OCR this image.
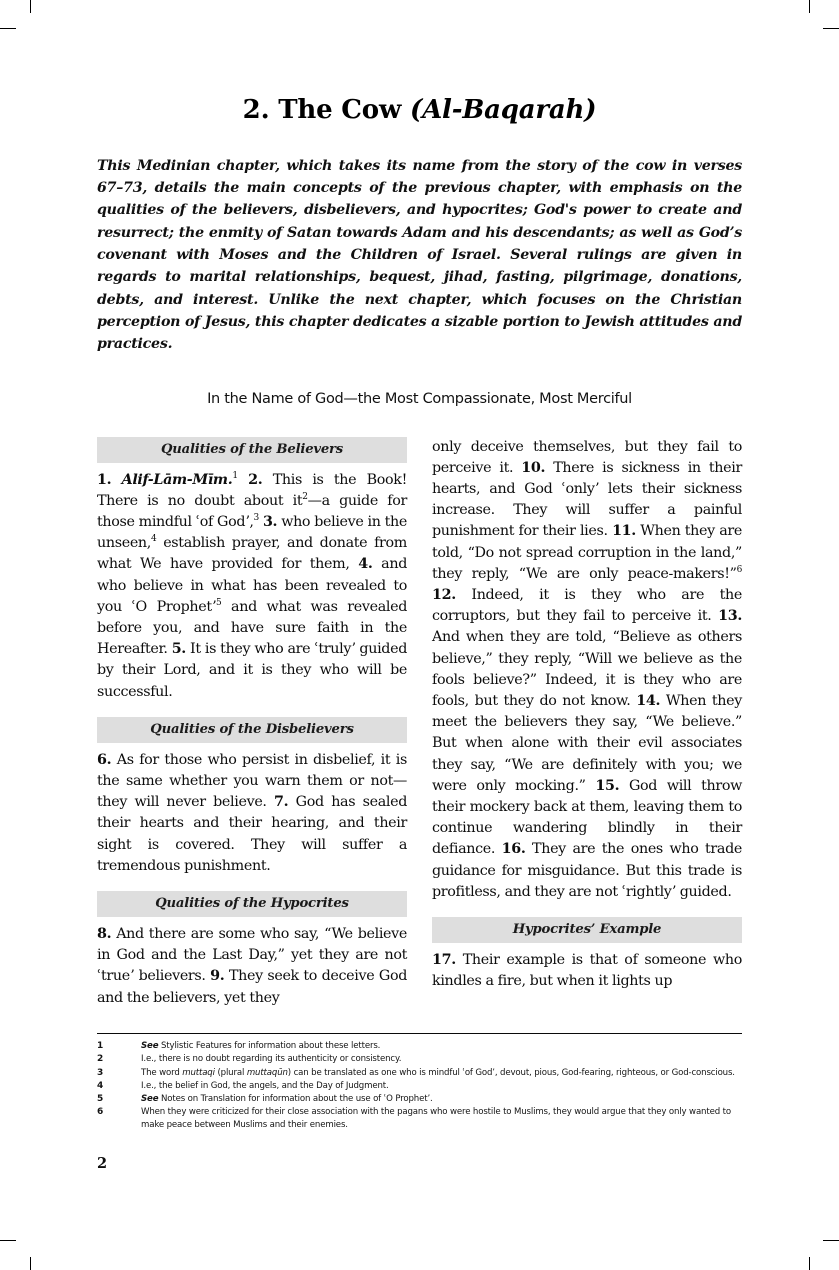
2. The Cow (Al-Baqarah)

This Medinian chapter, which takes its name from the story of the cow in verses 67–73, details the main concepts of the previous chapter, with emphasis on the qualities of the believers, disbelievers, and hypocrites; God's power to create and resurrect; the enmity of Satan towards Adam and his descendants; as well as God’s covenant with Moses and the Children of Israel. Several rulings are given in regards to marital relationships, bequest, jihad, fasting, pilgrimage, donations, debts, and interest. Unlike the next chapter, which focuses on the Christian perception of Jesus, this chapter dedicates a sizable portion to Jewish attitudes and practices.

In the Name of God—the Most Compassionate, Most Merciful

Qualities of the Believers

1. Alif-Lām-Mīm.$^1$ 2. This is the Book! There is no doubt about $it^2—a$ guide for those mindful ʿof Godʼ,$^3$ 3. who believe in the unseen,$^4$ establish prayer, and donate from what We have provided for them, 4. and who believe in what has been revealed to you ʿO Prophetʼ$^5$ and what was revealed before you, and have sure faith in the Hereafter. 5. It is they who are ʿtrulyʼ guided by their Lord, and it is they who will be successful.

Qualities of the Disbelievers

6. As for those who persist in disbelief, it is the same whether you warn them or not—they will never believe. 7. God has sealed their hearts and their hearing, and their sight is covered. They will suffer a tremendous punishment.

Qualities of the Hypocrites

8. And there are some who say, “We believe in God and the Last Day,” yet they are not ʿtrueʼ believers. 9. They seek to deceive God and the believers, yet they

only deceive themselves, but they fail to perceive it. 10. There is sickness in their hearts, and God ʿonlyʼ lets their sickness increase. They will suffer a painful punishment for their lies. 11. When they are told, “Do not spread corruption in the land,” they reply, “We are only peace-makers!”$^6$ 12. Indeed, it is they who are the corruptors, but they fail to perceive it. 13. And when they are told, “Believe as others believe,” they reply, “Will we believe as the fools believe?” Indeed, it is they who are fools, but they do not know. 14. When they meet the believers they say, “We believe.” But when alone with their evil associates they say, “We are definitely with you; we were only mocking.” 15. God will throw their mockery back at them, leaving them to continue wandering blindly in their defiance. 16. They are the ones who trade guidance for misguidance. But this trade is profitless, and they are not ʿrightlyʼ guided.

Hypocrites’ Example

17. Their example is that of someone who kindles a fire, but when it lights up

1	See Stylistic Features for information about these letters.
2	I.e., there is no doubt regarding its authenticity or consistency.
3	The word muttaqi (plural muttaqūn) can be translated as one who is mindful ʿof Godʼ, devout, pious, God-fearing, righteous, or God-conscious.
4	I.e., the belief in God, the angels, and the Day of Judgment.
5	See Notes on Translation for information about the use of ʿO Prophetʼ.
6	When they were criticized for their close association with the pagans who were hostile to Muslims, they would argue that they only wanted to make peace between Muslims and their enemies.
2
